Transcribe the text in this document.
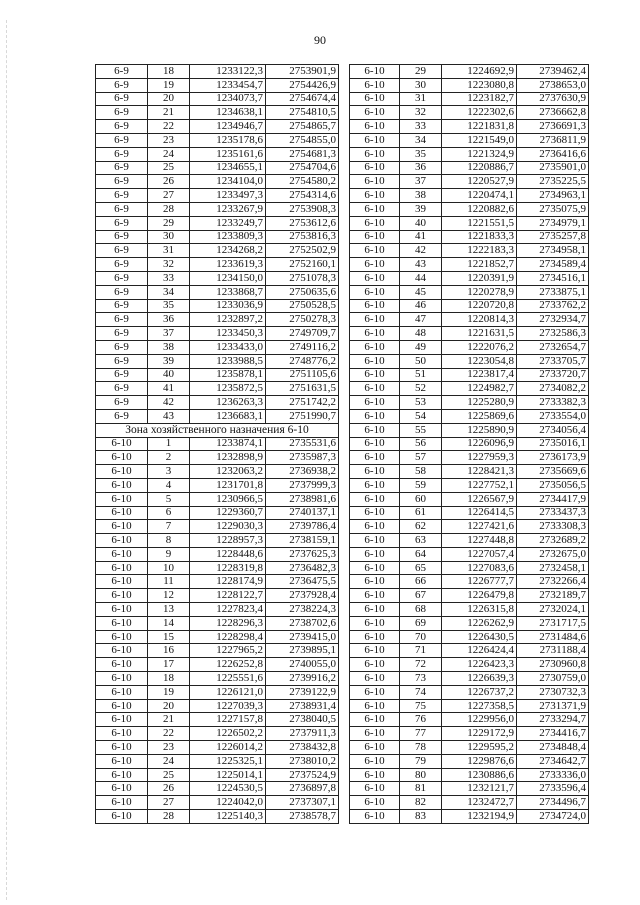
90
6-9	18	1233122,3	2753901,9
6-9	19	1233454,7	2754426,9
6-9	20	1234073,7	2754674,4
6-9	21	1234638,1	2754810,5
6-9	22	1234946,7	2754865,7
6-9	23	1235178,6	2754855,0
6-9	24	1235161,6	2754681,3
6-9	25	1234655,1	2754704,6
6-9	26	1234104,0	2754580,2
6-9	27	1233497,3	2754314,6
6-9	28	1233267,9	2753908,3
6-9	29	1233249,7	2753612,6
6-9	30	1233809,3	2753816,3
6-9	31	1234268,2	2752502,9
6-9	32	1233619,3	2752160,1
6-9	33	1234150,0	2751078,3
6-9	34	1233868,7	2750635,6
6-9	35	1233036,9	2750528,5
6-9	36	1232897,2	2750278,3
6-9	37	1233450,3	2749709,7
6-9	38	1233433,0	2749116,2
6-9	39	1233988,5	2748776,2
6-9	40	1235878,1	2751105,6
6-9	41	1235872,5	2751631,5
6-9	42	1236263,3	2751742,2
6-9	43	1236683,1	2751990,7
Зона хозяйственного назначения 6-10			
6-10	1	1233874,1	2735531,6
6-10	2	1232898,9	2735987,3
6-10	3	1232063,2	2736938,2
6-10	4	1231701,8	2737999,3
6-10	5	1230966,5	2738981,6
6-10	6	1229360,7	2740137,1
6-10	7	1229030,3	2739786,4
6-10	8	1228957,3	2738159,1
6-10	9	1228448,6	2737625,3
6-10	10	1228319,8	2736482,3
6-10	11	1228174,9	2736475,5
6-10	12	1228122,7	2737928,4
6-10	13	1227823,4	2738224,3
6-10	14	1228296,3	2738702,6
6-10	15	1228298,4	2739415,0
6-10	16	1227965,2	2739895,1
6-10	17	1226252,8	2740055,0
6-10	18	1225551,6	2739916,2
6-10	19	1226121,0	2739122,9
6-10	20	1227039,3	2738931,4
6-10	21	1227157,8	2738040,5
6-10	22	1226502,2	2737911,3
6-10	23	1226014,2	2738432,8
6-10	24	1225325,1	2738010,2
6-10	25	1225014,1	2737524,9
6-10	26	1224530,5	2736897,8
6-10	27	1224042,0	2737307,1
6-10	28	1225140,3	2738578,7
6-10	29	1224692,9	2739462,4
6-10	30	1223080,8	2738653,0
6-10	31	1223182,7	2737630,9
6-10	32	1222302,6	2736662,8
6-10	33	1221831,8	2736691,3
6-10	34	1221549,0	2736811,9
6-10	35	1221324,9	2736416,6
6-10	36	1220886,7	2735901,0
6-10	37	1220527,9	2735225,5
6-10	38	1220474,1	2734963,1
6-10	39	1220882,6	2735075,9
6-10	40	1221551,5	2734979,1
6-10	41	1221833,3	2735257,8
6-10	42	1222183,3	2734958,1
6-10	43	1221852,7	2734589,4
6-10	44	1220391,9	2734516,1
6-10	45	1220278,9	2733875,1
6-10	46	1220720,8	2733762,2
6-10	47	1220814,3	2732934,7
6-10	48	1221631,5	2732586,3
6-10	49	1222076,2	2732654,7
6-10	50	1223054,8	2733705,7
6-10	51	1223817,4	2733720,7
6-10	52	1224982,7	2734082,2
6-10	53	1225280,9	2733382,3
6-10	54	1225869,6	2733554,0
6-10	55	1225890,9	2734056,4
6-10	56	1226096,9	2735016,1
6-10	57	1227959,3	2736173,9
6-10	58	1228421,3	2735669,6
6-10	59	1227752,1	2735056,5
6-10	60	1226567,9	2734417,9
6-10	61	1226414,5	2733437,3
6-10	62	1227421,6	2733308,3
6-10	63	1227448,8	2732689,2
6-10	64	1227057,4	2732675,0
6-10	65	1227083,6	2732458,1
6-10	66	1226777,7	2732266,4
6-10	67	1226479,8	2732189,7
6-10	68	1226315,8	2732024,1
6-10	69	1226262,9	2731717,5
6-10	70	1226430,5	2731484,6
6-10	71	1226424,4	2731188,4
6-10	72	1226423,3	2730960,8
6-10	73	1226639,3	2730759,0
6-10	74	1226737,2	2730732,3
6-10	75	1227358,5	2731371,9
6-10	76	1229956,0	2733294,7
6-10	77	1229172,9	2734416,7
6-10	78	1229595,2	2734848,4
6-10	79	1229876,6	2734642,7
6-10	80	1230886,6	2733336,0
6-10	81	1232121,7	2733596,4
6-10	82	1232472,7	2734496,7
6-10	83	1232194,9	2734724,0
